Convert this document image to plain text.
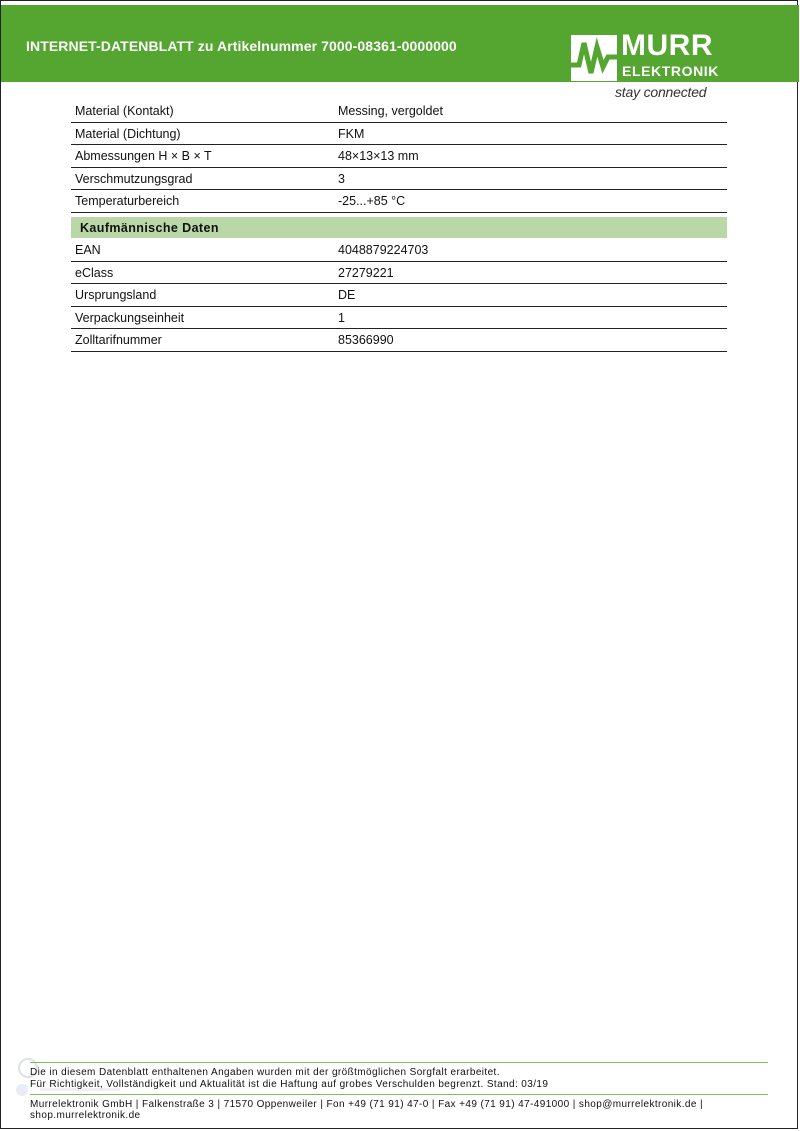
INTERNET-DATENBLATT zu Artikelnummer 7000-08361-0000000	MURR
ELEKTRONIK
stay connected
Material (Kontakt)	Messing, vergoldet
Material (Dichtung)	FKM
Abmessungen H × B × T	48×13×13 mm
Verschmutzungsgrad	3
Temperaturbereich	-25...+85 °C
Kaufmännische Daten
EAN	4048879224703
eClass	27279221
Ursprungsland	DE
Verpackungseinheit	1
Zolltarifnummer	85366990
Die in diesem Datenblatt enthaltenen Angaben wurden mit der größtmöglichen Sorgfalt erarbeitet.
Für Richtigkeit, Vollständigkeit und Aktualität ist die Haftung auf grobes Verschulden begrenzt. Stand: 03/19
Murrelektronik GmbH | Falkenstraße 3 | 71570 Oppenweiler | Fon +49 (71 91) 47-0 | Fax +49 (71 91) 47-491000 | shop@murrelektronik.de |
shop.murrelektronik.de
